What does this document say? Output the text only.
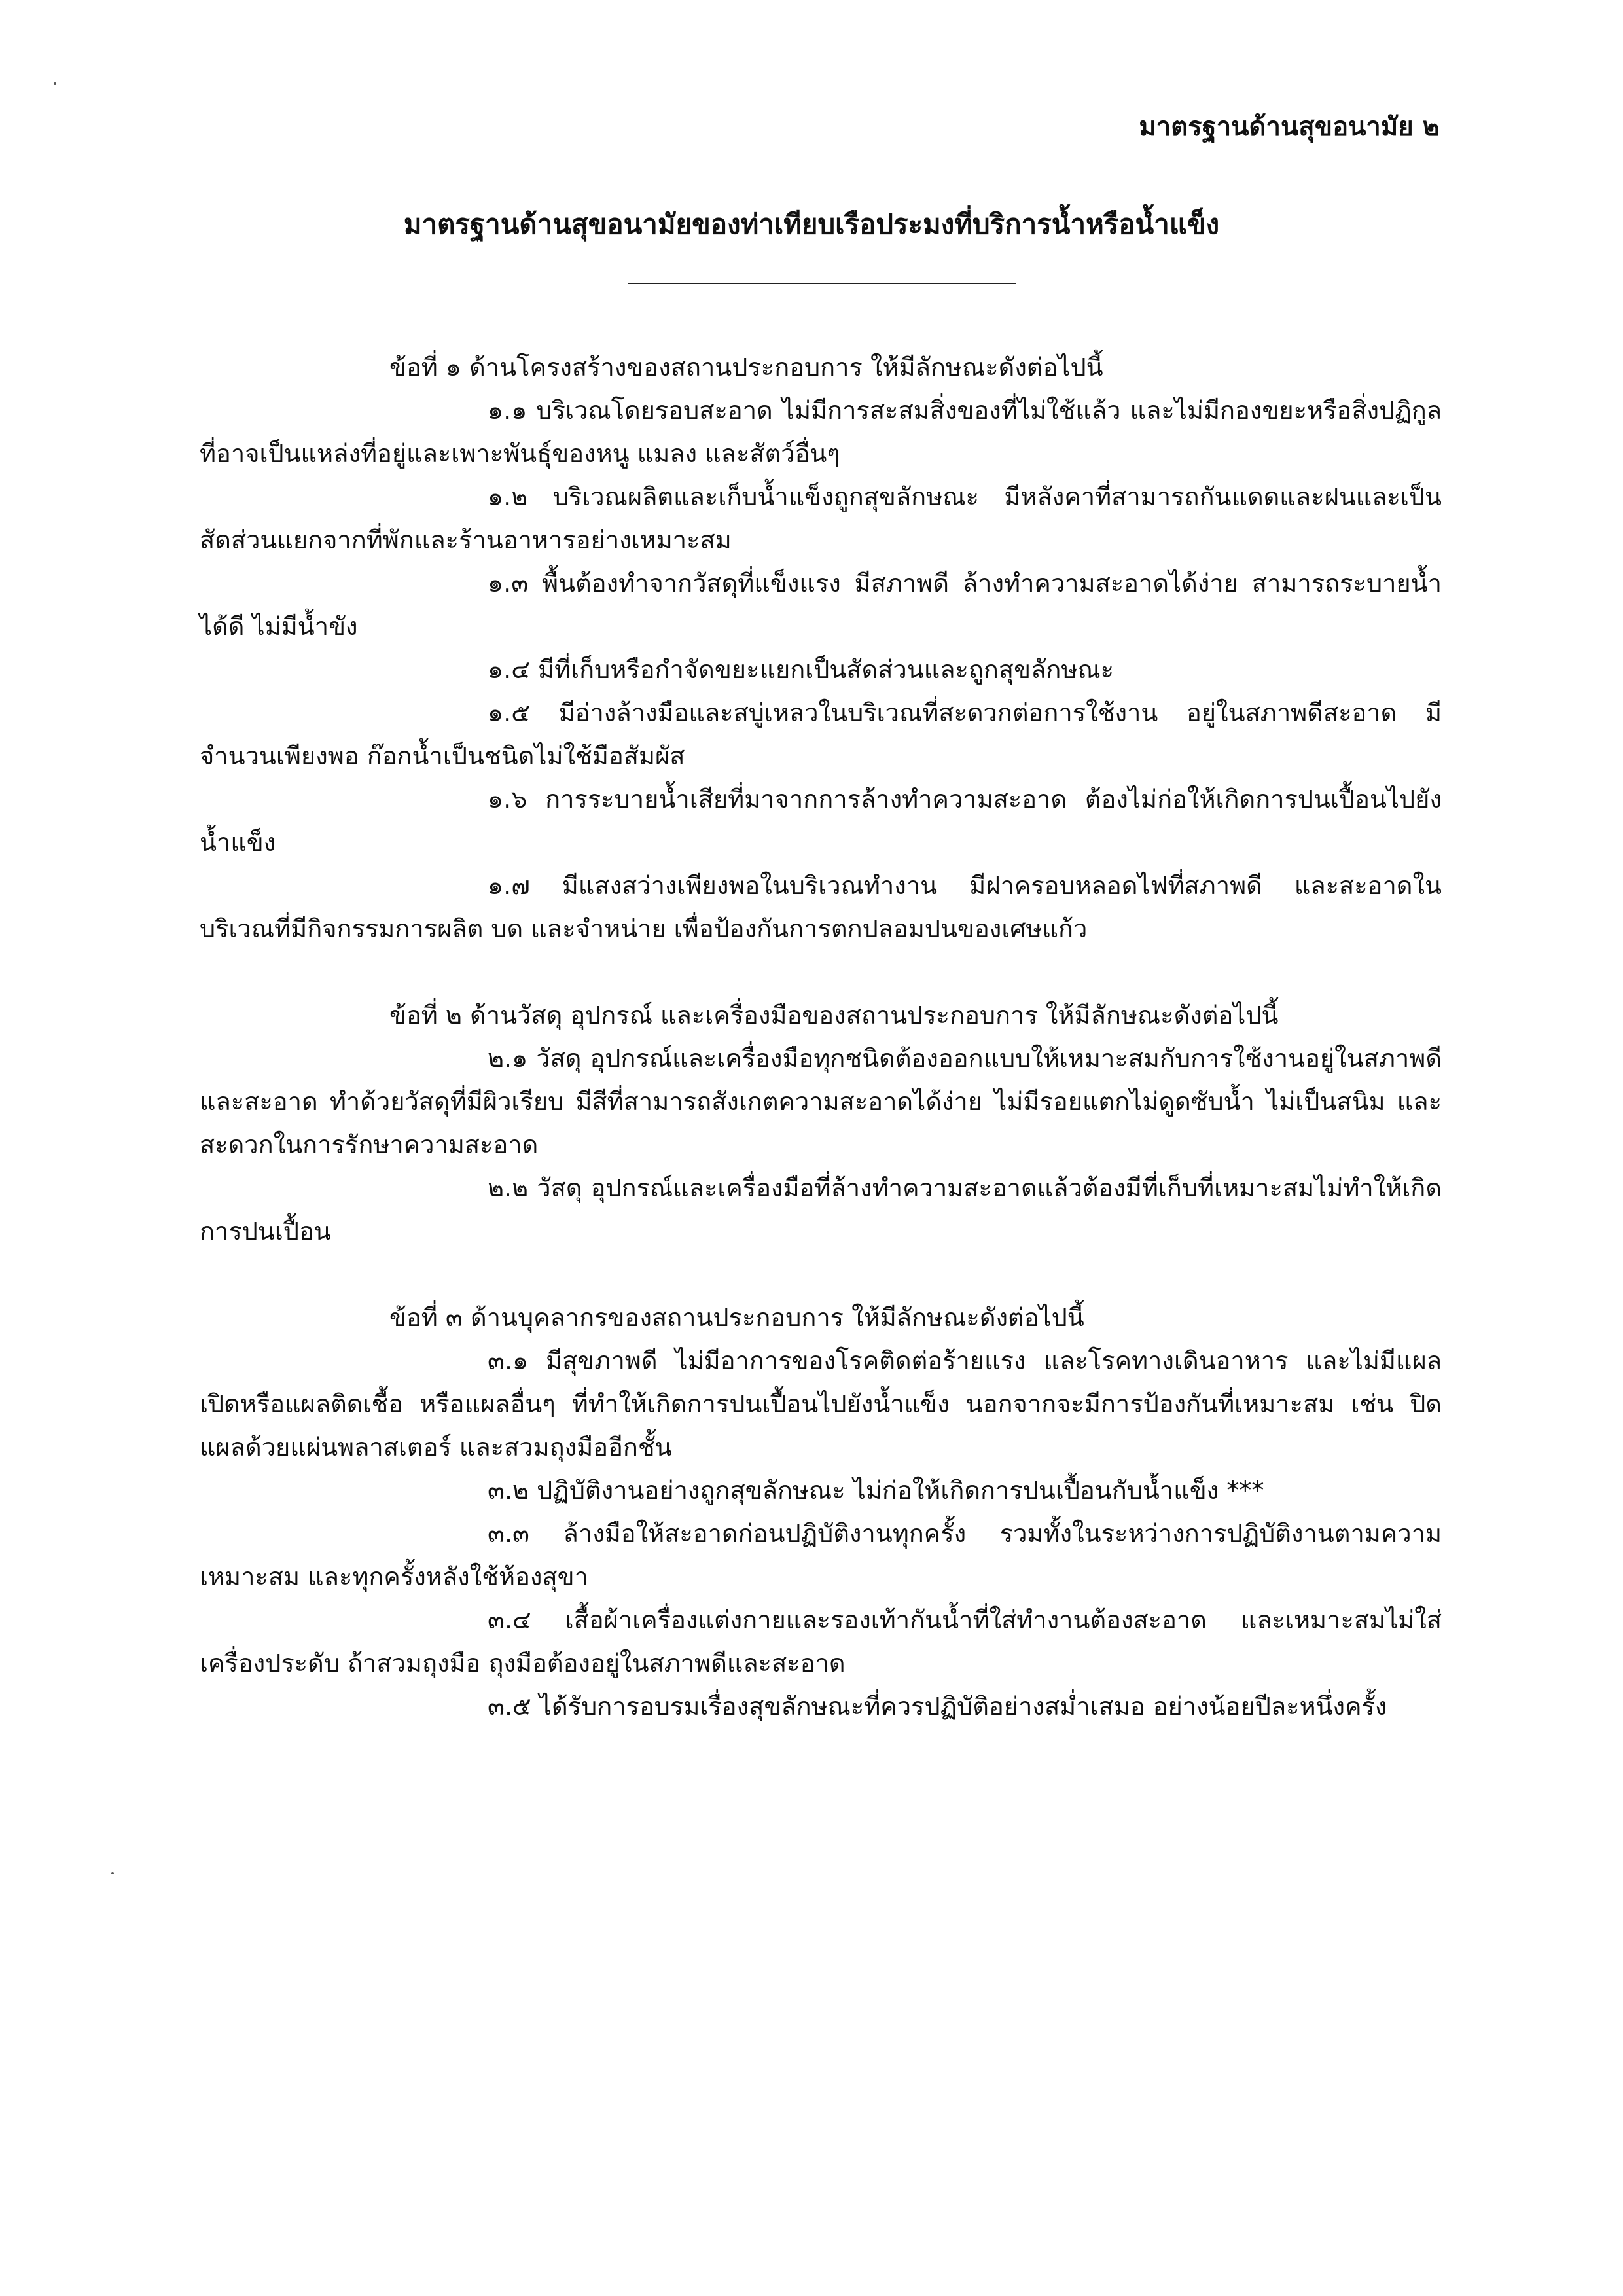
มาตรฐานด้านสุขอนามัย ๒
มาตรฐานด้านสุขอนามัยของท่าเทียบเรือประมงที่บริการน้ำหรือน้ำแข็ง

ข้อที่ ๑ ด้านโครงสร้างของสถานประกอบการ ให้มีลักษณะดังต่อไปนี้

๑.๑ บริเวณโดยรอบสะอาด ไม่มีการสะสมสิ่งของที่ไม่ใช้แล้ว และไม่มีกองขยะหรือสิ่งปฏิกูลที่อาจเป็นแหล่งที่อยู่และเพาะพันธุ์ของหนู แมลง และสัตว์อื่นๆ

๑.๒ บริเวณผลิตและเก็บน้ำแข็งถูกสุขลักษณะ มีหลังคาที่สามารถกันแดดและฝนและเป็นสัดส่วนแยกจากที่พักและร้านอาหารอย่างเหมาะสม

๑.๓ พื้นต้องทำจากวัสดุที่แข็งแรง มีสภาพดี ล้างทำความสะอาดได้ง่าย สามารถระบายน้ำได้ดี ไม่มีน้ำขัง

๑.๔ มีที่เก็บหรือกำจัดขยะแยกเป็นสัดส่วนและถูกสุขลักษณะ

๑.๕ มีอ่างล้างมือและสบู่เหลวในบริเวณที่สะดวกต่อการใช้งาน อยู่ในสภาพดีสะอาด มีจำนวนเพียงพอ ก๊อกน้ำเป็นชนิดไม่ใช้มือสัมผัส

๑.๖ การระบายน้ำเสียที่มาจากการล้างทำความสะอาด ต้องไม่ก่อให้เกิดการปนเปื้อนไปยังน้ำแข็ง

๑.๗ มีแสงสว่างเพียงพอในบริเวณทำงาน มีฝาครอบหลอดไฟที่สภาพดี และสะอาดในบริเวณที่มีกิจกรรมการผลิต บด และจำหน่าย เพื่อป้องกันการตกปลอมปนของเศษแก้ว

ข้อที่ ๒ ด้านวัสดุ อุปกรณ์ และเครื่องมือของสถานประกอบการ ให้มีลักษณะดังต่อไปนี้

๒.๑ วัสดุ อุปกรณ์และเครื่องมือทุกชนิดต้องออกแบบให้เหมาะสมกับการใช้งานอยู่ในสภาพดีและสะอาด ทำด้วยวัสดุที่มีผิวเรียบ มีสีที่สามารถสังเกตความสะอาดได้ง่าย ไม่มีรอยแตกไม่ดูดซับน้ำ ไม่เป็นสนิม และสะดวกในการรักษาความสะอาด

๒.๒ วัสดุ อุปกรณ์และเครื่องมือที่ล้างทำความสะอาดแล้วต้องมีที่เก็บที่เหมาะสมไม่ทำให้เกิดการปนเปื้อน

ข้อที่ ๓ ด้านบุคลากรของสถานประกอบการ ให้มีลักษณะดังต่อไปนี้

๓.๑ มีสุขภาพดี ไม่มีอาการของโรคติดต่อร้ายแรง และโรคทางเดินอาหาร และไม่มีแผลเปิดหรือแผลติดเชื้อ หรือแผลอื่นๆ ที่ทำให้เกิดการปนเปื้อนไปยังน้ำแข็ง นอกจากจะมีการป้องกันที่เหมาะสม เช่น ปิดแผลด้วยแผ่นพลาสเตอร์ และสวมถุงมืออีกชั้น

๓.๒ ปฏิบัติงานอย่างถูกสุขลักษณะ ไม่ก่อให้เกิดการปนเปื้อนกับน้ำแข็ง ***

๓.๓ ล้างมือให้สะอาดก่อนปฏิบัติงานทุกครั้ง รวมทั้งในระหว่างการปฏิบัติงานตามความเหมาะสม และทุกครั้งหลังใช้ห้องสุขา

๓.๔ เสื้อผ้าเครื่องแต่งกายและรองเท้ากันน้ำที่ใส่ทำงานต้องสะอาด และเหมาะสมไม่ใส่เครื่องประดับ ถ้าสวมถุงมือ ถุงมือต้องอยู่ในสภาพดีและสะอาด

๓.๕ ได้รับการอบรมเรื่องสุขลักษณะที่ควรปฏิบัติอย่างสม่ำเสมอ อย่างน้อยปีละหนึ่งครั้ง
